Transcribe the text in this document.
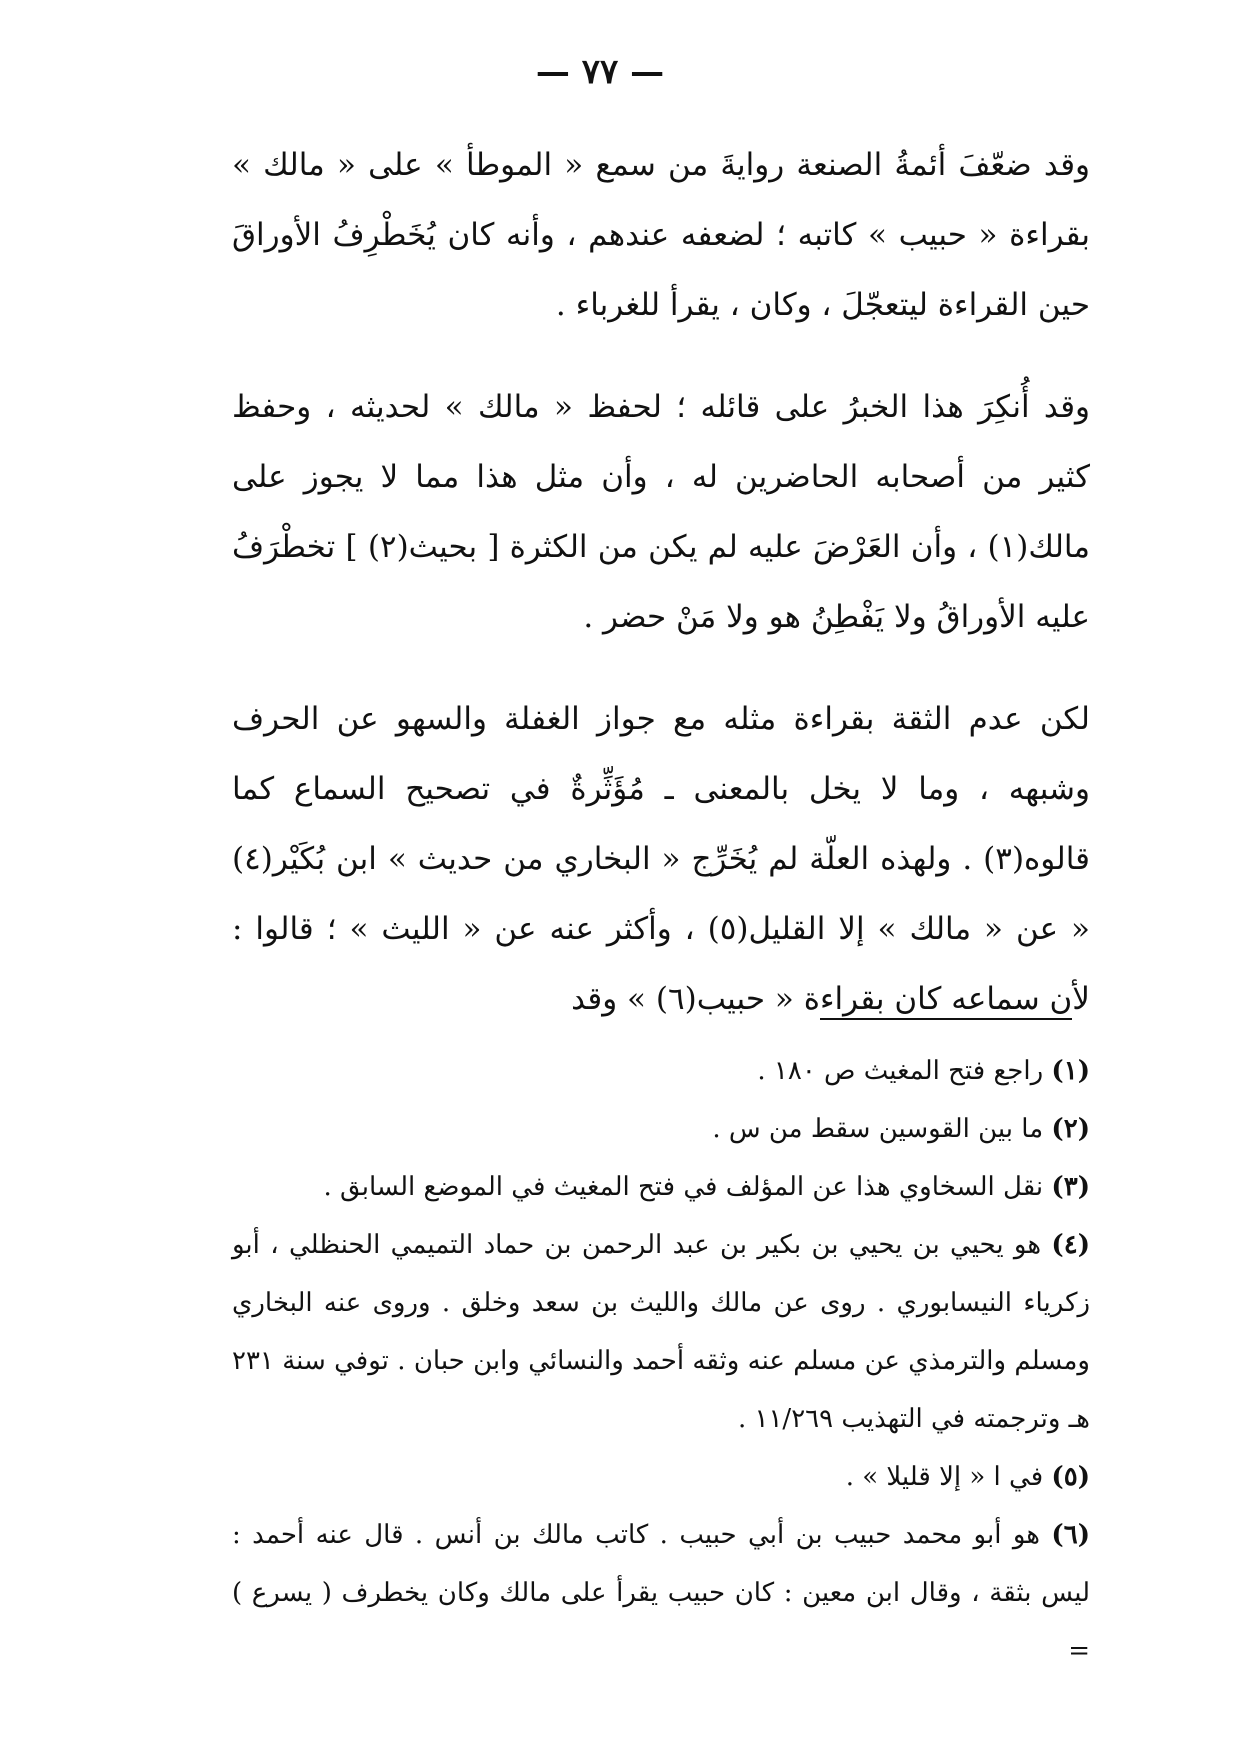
— ٧٧ —

وقد ضعّفَ أئمةُ الصنعة روايةَ من سمع « الموطأ » على « مالك » بقراءة « حبيب » كاتبه ؛ لضعفه عندهم ، وأنه كان يُخَطْرِفُ الأوراقَ حين القراءة ليتعجّلَ ، وكان ، يقرأ للغرباء .

وقد أُنكِرَ هذا الخبرُ على قائله ؛ لحفظ « مالك » لحديثه ، وحفظ كثير من أصحابه الحاضرين له ، وأن مثل هذا مما لا يجوز على مالك(١) ، وأن العَرْضَ عليه لم يكن من الكثرة [ بحيث(٢) ] تخطْرَفُ عليه الأوراقُ ولا يَفْطِنُ هو ولا مَنْ حضر .

لكن عدم الثقة بقراءة مثله مع جواز الغفلة والسهو عن الحرف وشبهه ، وما لا يخل بالمعنى ـ مُؤَثِّرةٌ في تصحيح السماع كما قالوه(٣) . ولهذه العلّة لم يُخَرِّج « البخاري من حديث » ابن بُكَيْر(٤) « عن « مالك » إلا القليل(٥) ، وأكثر عنه عن « الليث » ؛ قالوا : لأن سماعه كان بقراءة « حبيب(٦) » وقد

(١) راجع فتح المغيث ص ١٨٠ .

(٢) ما بين القوسين سقط من س .

(٣) نقل السخاوي هذا عن المؤلف في فتح المغيث في الموضع السابق .

(٤) هو يحيي بن يحيي بن بكير بن عبد الرحمن بن حماد التميمي الحنظلي ، أبو زكرياء النيسابوري . روى عن مالك والليث بن سعد وخلق . وروى عنه البخاري ومسلم والترمذي عن مسلم عنه وثقه أحمد والنسائي وابن حبان . توفي سنة ٢٣١ هـ وترجمته في التهذيب ١١/٢٦٩ .

(٥) في ا « إلا قليلا » .

(٦) هو أبو محمد حبيب بن أبي حبيب . كاتب مالك بن أنس . قال عنه أحمد : ليس بثقة ، وقال ابن معين : كان حبيب يقرأ على مالك وكان يخطرف ( يسرع ) =
